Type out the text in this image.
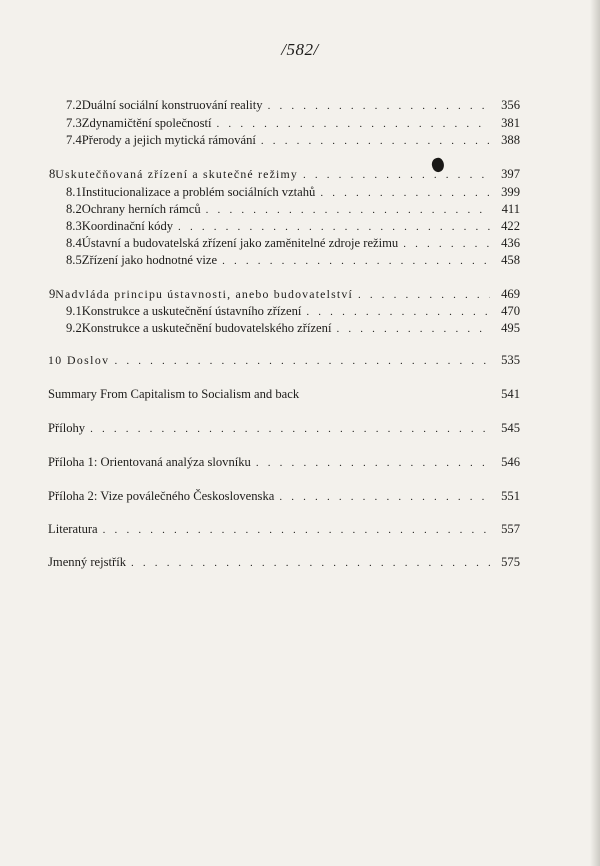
/582/
7.2 Duální sociální konstruování reality . . .	356
7.3 Zdynamičtění společností . . .	381
7.4 Přerody a jejich mytická rámování . . .	388
8 Uskutečňovaná zřízení a skutečné režimy . . .	397
8.1 Institucionalizace a problém sociálních vztahů . . .	399
8.2 Ochrany herních rámců . . .	411
8.3 Koordinační kódy . . .	422
8.4 Ústavní a budovatelská zřízení jako zaměnitelné zdroje režimu . . .	436
8.5 Zřízení jako hodnotné vize . . .	458
9 Nadvláda principu ústavnosti, anebo budovatelství . . .	469
9.1 Konstrukce a uskutečnění ústavního zřízení . . .	470
9.2 Konstrukce a uskutečnění budovatelského zřízení . . .	495
10 Doslov . . .	535
Summary From Capitalism to Socialism and back	541
Přílohy . . .	545
Příloha 1: Orientovaná analýza slovníku . . .	546
Příloha 2: Vize poválečného Československa . . .	551
Literatura . . .	557
Jmenný rejstřík . . .	575
